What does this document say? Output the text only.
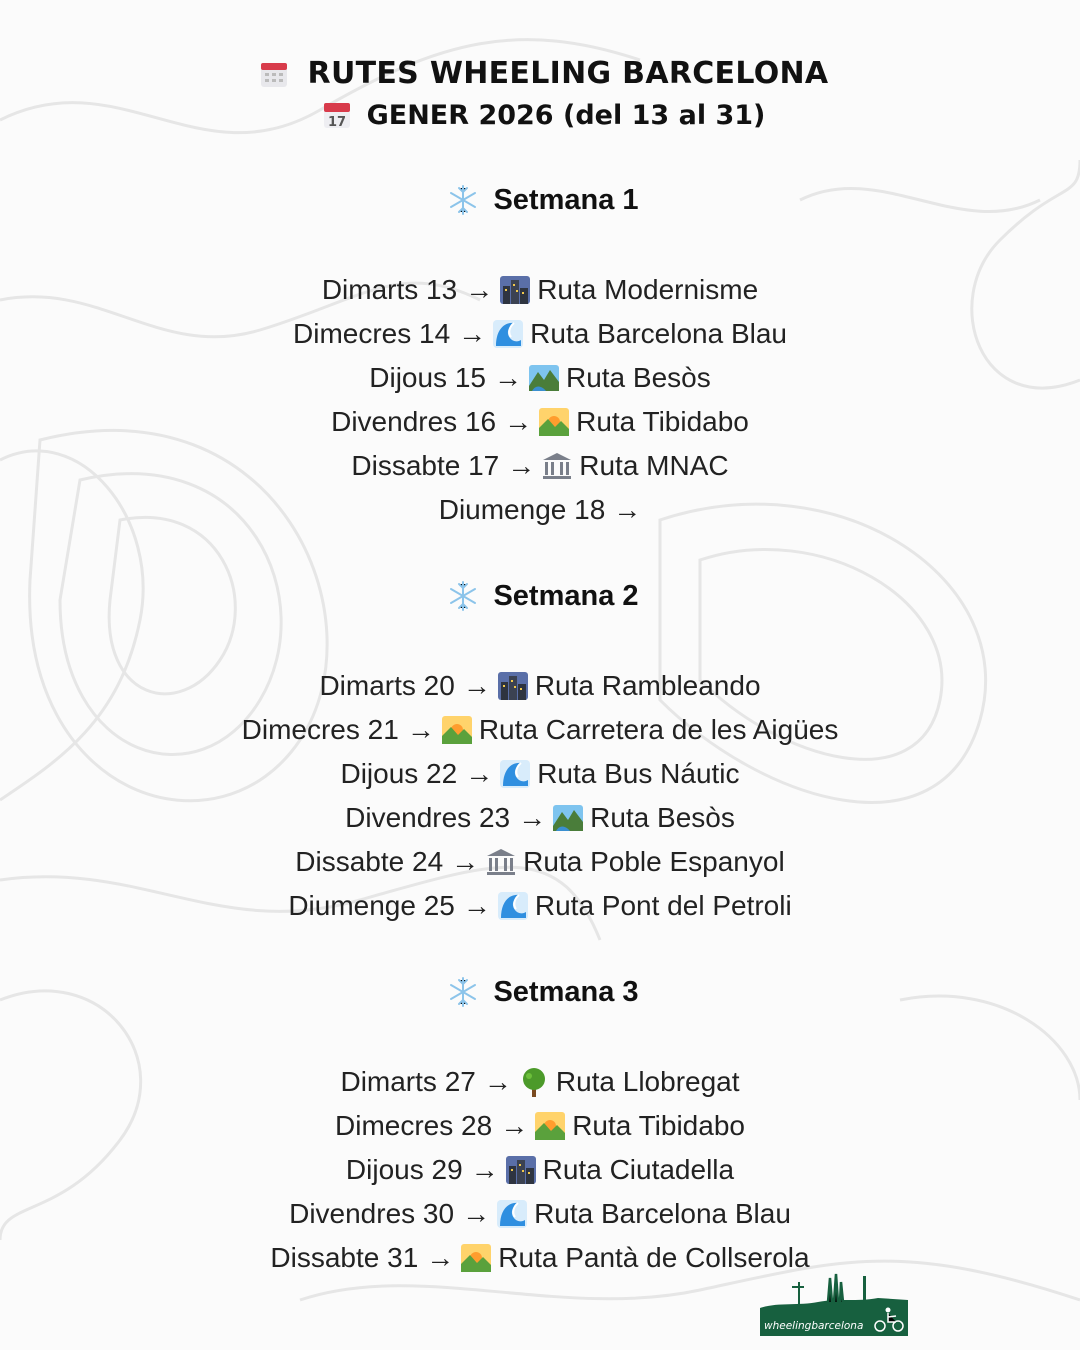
RUTES WHEELING BARCELONA
17 GENER 2026 (del 13 al 31)
Setmana 1
Dimarts 13 → Ruta Modernisme
Dimecres 14 → Ruta Barcelona Blau
Dijous 15 → Ruta Besòs
Divendres 16 → Ruta Tibidabo
Dissabte 17 → Ruta MNAC
Diumenge 18 →
Setmana 2
Dimarts 20 → Ruta Rambleando
Dimecres 21 → Ruta Carretera de les Aigües
Dijous 22 → Ruta Bus Náutic
Divendres 23 → Ruta Besòs
Dissabte 24 → Ruta Poble Espanyol
Diumenge 25 → Ruta Pont del Petroli
Setmana 3
Dimarts 27 → Ruta Llobregat
Dimecres 28 → Ruta Tibidabo
Dijous 29 → Ruta Ciutadella
Divendres 30 → Ruta Barcelona Blau
Dissabte 31 → Ruta Pantà de Collserola
wheelingbarcelona
